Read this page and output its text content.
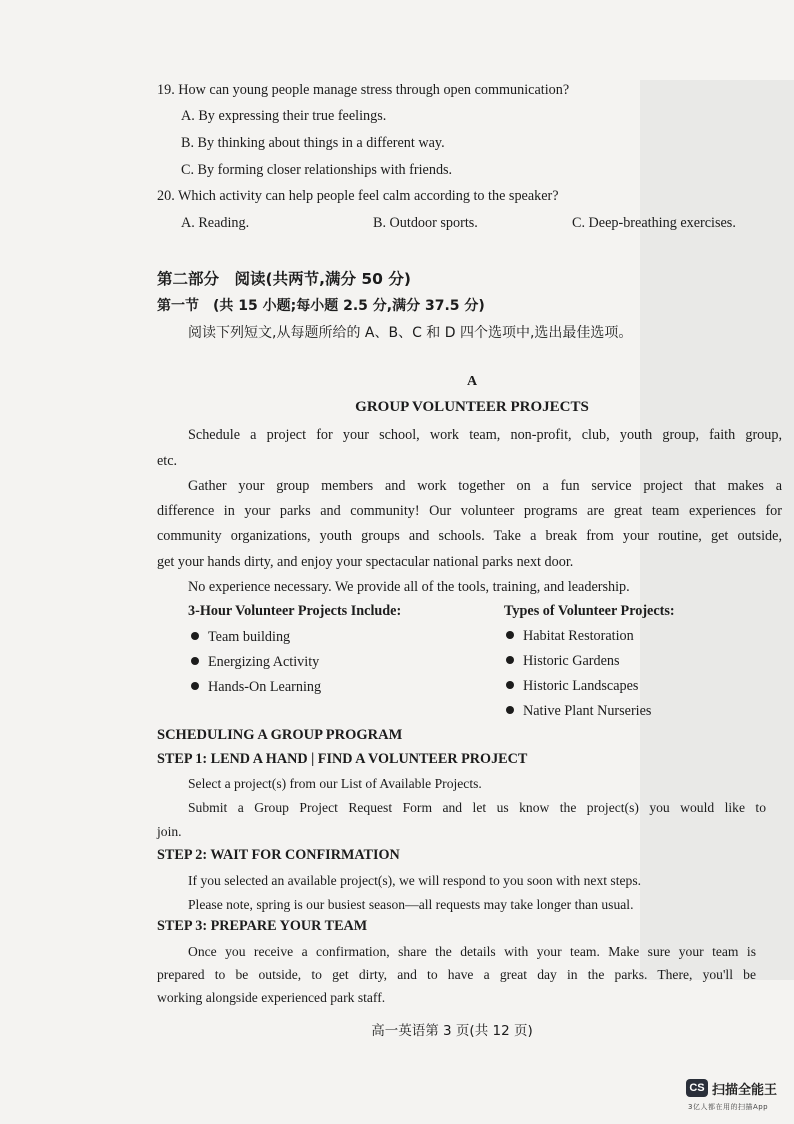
19. How can young people manage stress through open communication?
A. By expressing their true feelings.
B. By thinking about things in a different way.
C. By forming closer relationships with friends.
20. Which activity can help people feel calm according to the speaker?
A. Reading.	B. Outdoor sports.	C. Deep-breathing exercises.
第二部分　阅读(共两节,满分 50 分)
第一节　(共 15 小题;每小题 2.5 分,满分 37.5 分)
阅读下列短文,从每题所给的 A、B、C 和 D 四个选项中,选出最佳选项。
A
GROUP VOLUNTEER PROJECTS
Schedule a project for your school, work team, non-profit, club, youth group, faith group,
etc.
Gather your group members and work together on a fun service project that makes a
difference in your parks and community! Our volunteer programs are great team experiences for
community organizations, youth groups and schools. Take a break from your routine, get outside,
get your hands dirty, and enjoy your spectacular national parks next door.
No experience necessary. We provide all of the tools, training, and leadership.
3-Hour Volunteer Projects Include:
Team building
Energizing Activity
Hands-On Learning
Types of Volunteer Projects:
Habitat Restoration
Historic Gardens
Historic Landscapes
Native Plant Nurseries
SCHEDULING A GROUP PROGRAM
STEP 1: LEND A HAND | FIND A VOLUNTEER PROJECT
Select a project(s) from our List of Available Projects.
Submit a Group Project Request Form and let us know the project(s) you would like to
join.
STEP 2: WAIT FOR CONFIRMATION
If you selected an available project(s), we will respond to you soon with next steps.
Please note, spring is our busiest season—all requests may take longer than usual.
STEP 3: PREPARE YOUR TEAM
Once you receive a confirmation, share the details with your team. Make sure your team is
prepared to be outside, to get dirty, and to have a great day in the parks. There, you'll be
working alongside experienced park staff.
高一英语第 3 页(共 12 页)
CS 扫描全能王
3亿人都在用的扫描App
